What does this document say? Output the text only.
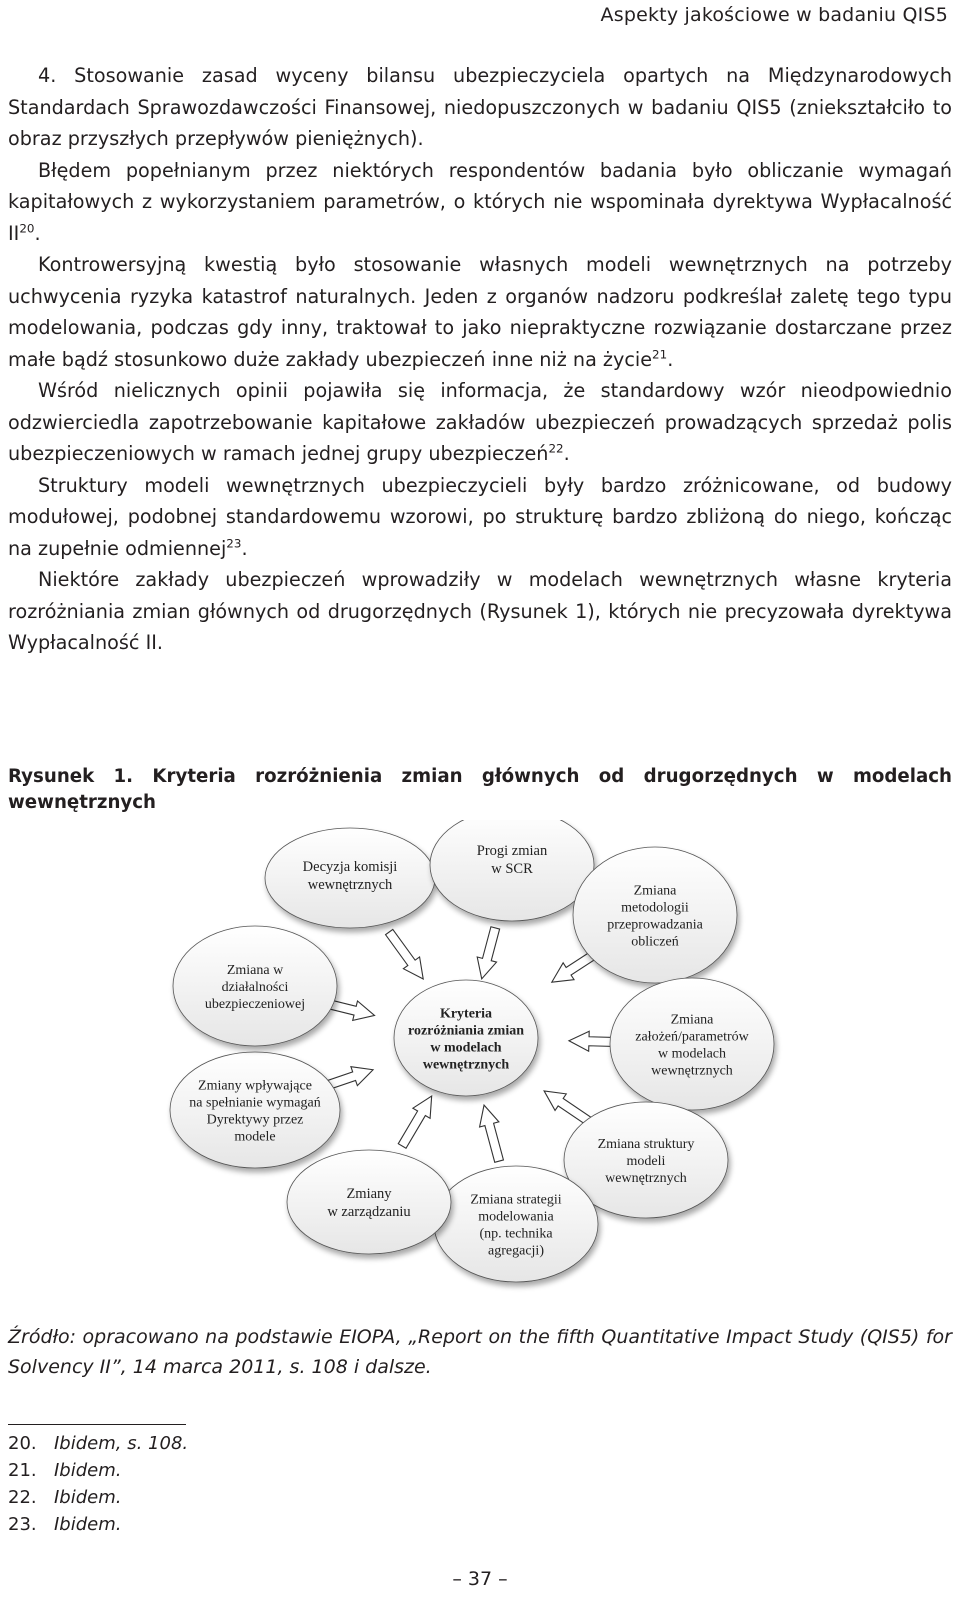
Aspekty jakościowe w badaniu QIS5

4. Stosowanie zasad wyceny bilansu ubezpieczyciela opartych na Międzynarodowych Standardach Sprawozdawczości Finansowej, niedopuszczonych w badaniu QIS5 (zniekształciło to obraz przyszłych przepływów pieniężnych).

Błędem popełnianym przez niektórych respondentów badania było obliczanie wymagań kapitałowych z wykorzystaniem parametrów, o których nie wspominała dyrektywa Wypłacalność II$^{20}$.

Kontrowersyjną kwestią było stosowanie własnych modeli wewnętrznych na potrzeby uchwycenia ryzyka katastrof naturalnych. Jeden z organów nadzoru podkreślał zaletę tego typu modelowania, podczas gdy inny, traktował to jako niepraktyczne rozwiązanie dostarczane przez małe bądź stosunkowo duże zakłady ubezpieczeń inne niż na życie$^{21}$.

Wśród nielicznych opinii pojawiła się informacja, że standardowy wzór nieodpowiednio odzwierciedla zapotrzebowanie kapitałowe zakładów ubezpieczeń prowadzących sprzedaż polis ubezpieczeniowych w ramach jednej grupy ubezpieczeń$^{22}$.

Struktury modeli wewnętrznych ubezpieczycieli były bardzo zróżnicowane, od budowy modułowej, podobnej standardowemu wzorowi, po strukturę bardzo zbliżoną do niego, kończąc na zupełnie odmiennej$^{23}$.

Niektóre zakłady ubezpieczeń wprowadziły w modelach wewnętrznych własne kryteria rozróżniania zmian głównych od drugorzędnych (Rysunek 1), których nie precyzowała dyrektywa Wypłacalność II.

Rysunek 1. Kryteria rozróżnienia zmian głównych od drugorzędnych w modelach wewnętrznych
Decyzja komisji
wewnętrznych
Progi zmian
w SCR
Zmiana
metodologii
przeprowadzania
obliczeń
Zmiana
założeń/parametrów
w modelach
wewnętrznych
Zmiana struktury
modeli
wewnętrznych
Zmiana strategii
modelowania
(np. technika
agregacji)
Zmiany
w zarządzaniu
Zmiany wpływające
na spełnianie wymagań
Dyrektywy przez
modele
Zmiana w
działalności
ubezpieczeniowej
Kryteria
rozróżniania zmian
w modelach
wewnętrznych
Źródło: opracowano na podstawie EIOPA, „Report on the fifth Quantitative Impact Study (QIS5) for Solvency II”, 14 marca 2011, s. 108 i dalsze.
20. Ibidem, s. 108.
21. Ibidem.
22. Ibidem.
23. Ibidem.
– 37 –
